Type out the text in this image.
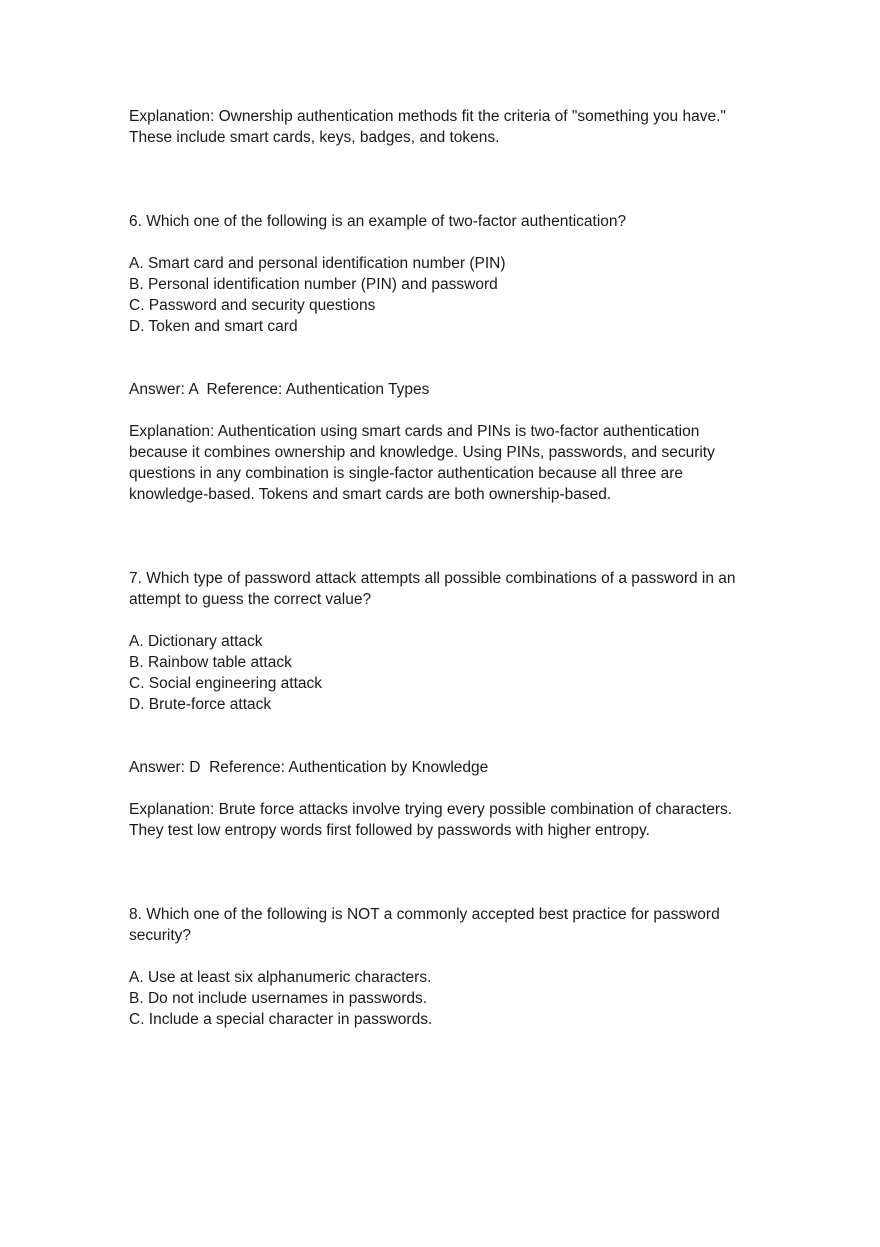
Explanation: Ownership authentication methods fit the criteria of "something you have." These include smart cards, keys, badges, and tokens.

6. Which one of the following is an example of two-factor authentication?

A. Smart card and personal identification number (PIN)

B. Personal identification number (PIN) and password

C. Password and security questions

D. Token and smart card

Answer: A  Reference: Authentication Types

Explanation: Authentication using smart cards and PINs is two-factor authentication because it combines ownership and knowledge. Using PINs, passwords, and security questions in any combination is single-factor authentication because all three are knowledge-based. Tokens and smart cards are both ownership-based.

7. Which type of password attack attempts all possible combinations of a password in an attempt to guess the correct value?

A. Dictionary attack

B. Rainbow table attack

C. Social engineering attack

D. Brute-force attack

Answer: D  Reference: Authentication by Knowledge

Explanation: Brute force attacks involve trying every possible combination of characters. They test low entropy words first followed by passwords with higher entropy.

8. Which one of the following is NOT a commonly accepted best practice for password security?

A. Use at least six alphanumeric characters.

B. Do not include usernames in passwords.

C. Include a special character in passwords.
